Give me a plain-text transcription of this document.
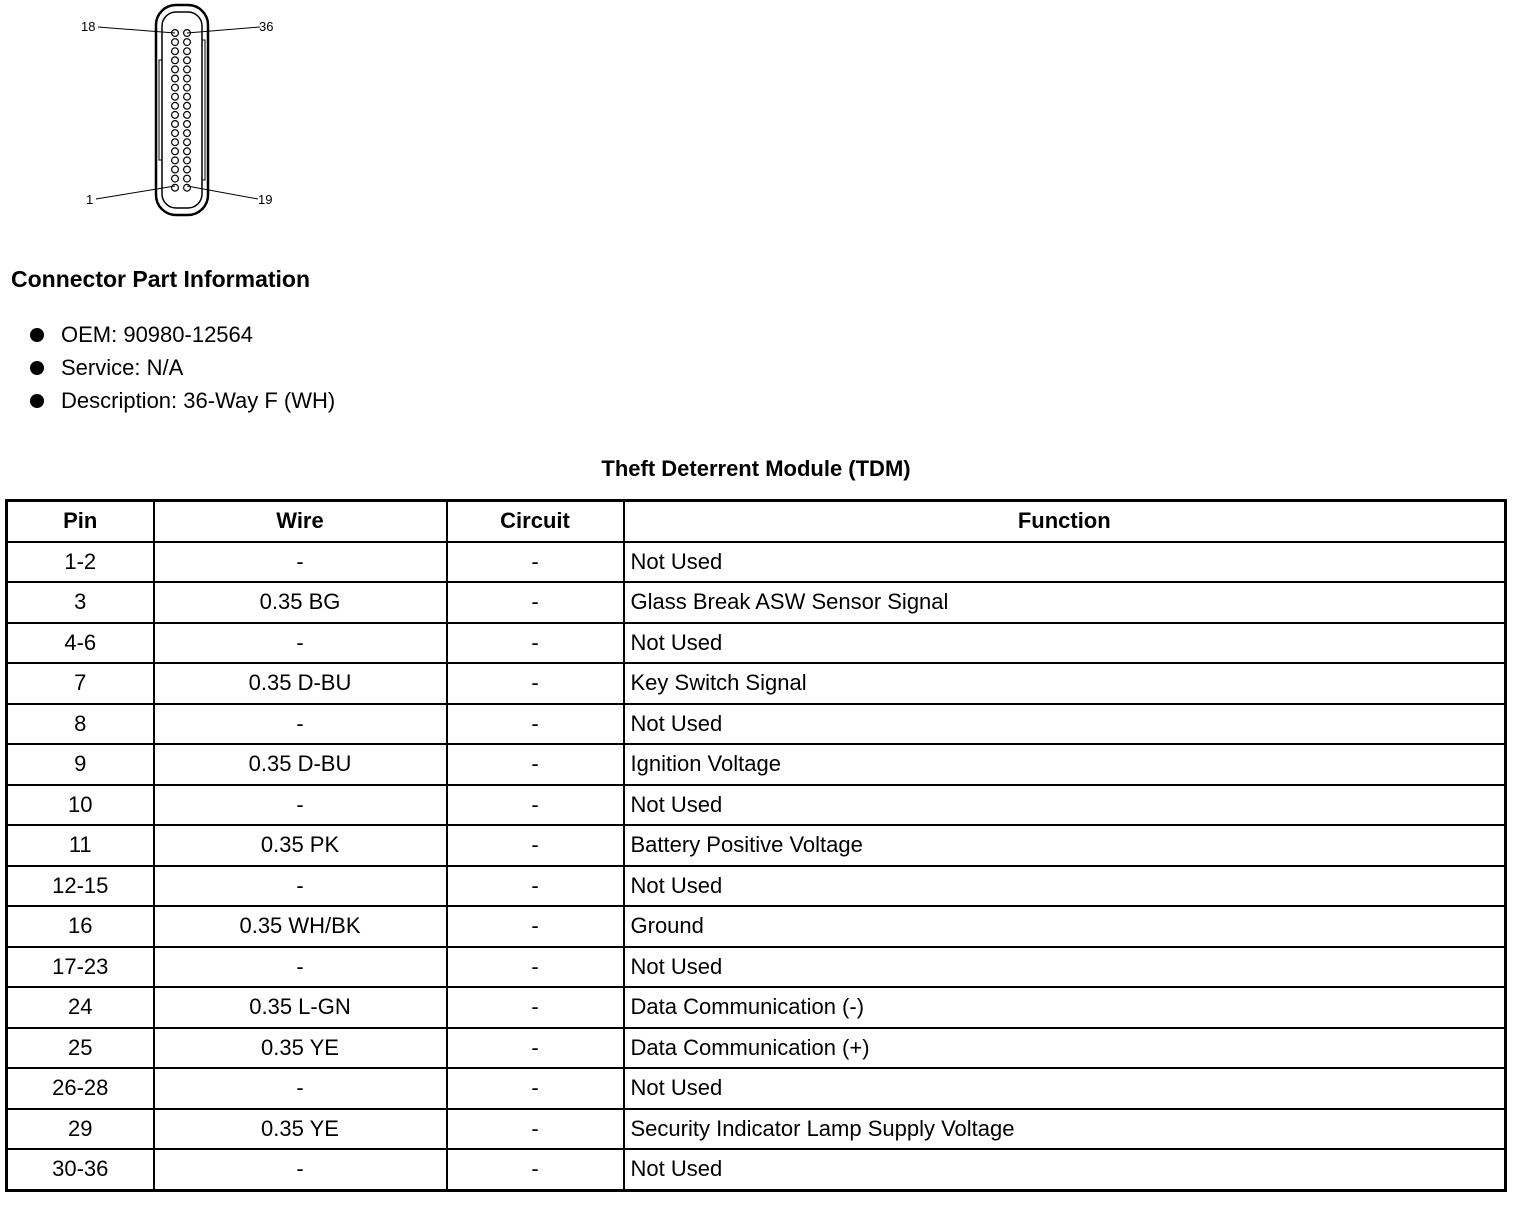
18	36
1	19
Connector Part Information
OEM: 90980-12564
Service: N/A
Description: 36-Way F (WH)
Theft Deterrent Module (TDM)
Pin	Wire	Circuit	Function
1-2	-	-	Not Used
3	0.35 BG	-	Glass Break ASW Sensor Signal
4-6	-	-	Not Used
7	0.35 D-BU	-	Key Switch Signal
8	-	-	Not Used
9	0.35 D-BU	-	Ignition Voltage
10	-	-	Not Used
11	0.35 PK	-	Battery Positive Voltage
12-15	-	-	Not Used
16	0.35 WH/BK	-	Ground
17-23	-	-	Not Used
24	0.35 L-GN	-	Data Communication (-)
25	0.35 YE	-	Data Communication (+)
26-28	-	-	Not Used
29	0.35 YE	-	Security Indicator Lamp Supply Voltage
30-36	-	-	Not Used
